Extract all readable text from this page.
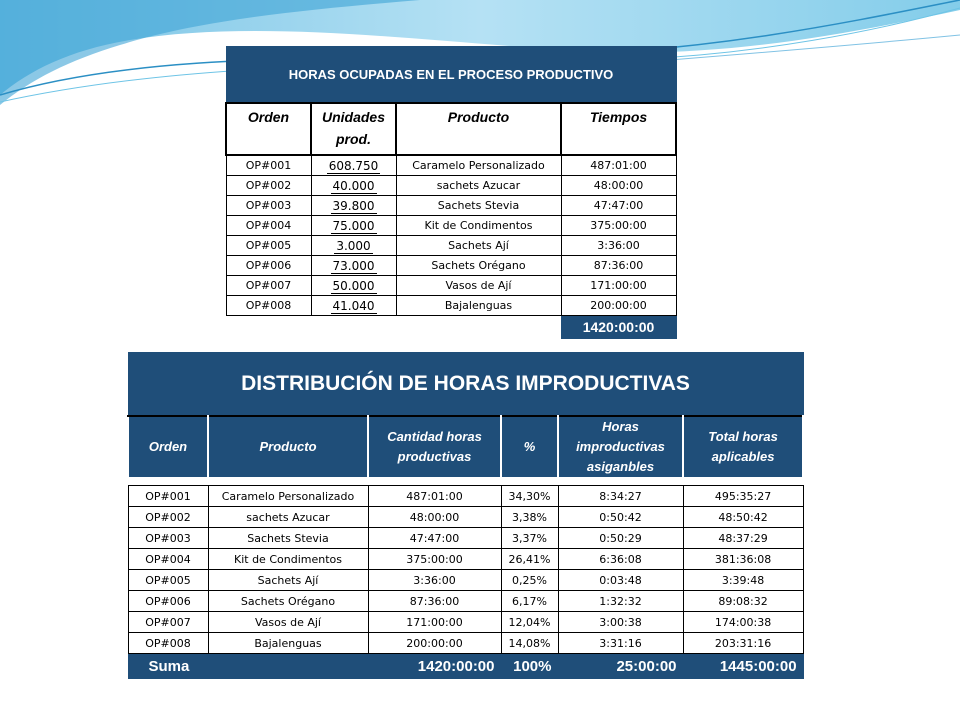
HORAS OCUPADAS EN EL PROCESO PRODUCTIVO			
Orden	Unidades prod.	Producto	Tiempos
OP#001	608.750	Caramelo Personalizado	487:01:00
OP#002	40.000	sachets Azucar	48:00:00
OP#003	39.800	Sachets Stevia	47:47:00
OP#004	75.000	Kit de Condimentos	375:00:00
OP#005	3.000	Sachets Ají	3:36:00
OP#006	73.000	Sachets Orégano	87:36:00
OP#007	50.000	Vasos de Ají	171:00:00
OP#008	41.040	Bajalenguas	200:00:00
			1420:00:00
DISTRIBUCIÓN DE HORAS IMPRODUCTIVAS					
Orden	Producto	Cantidad horas productivas	%	Horas improductivas asiganbles	Total horas aplicables

OP#001	Caramelo Personalizado	487:01:00	34,30%	8:34:27	495:35:27
OP#002	sachets Azucar	48:00:00	3,38%	0:50:42	48:50:42
OP#003	Sachets Stevia	47:47:00	3,37%	0:50:29	48:37:29
OP#004	Kit de Condimentos	375:00:00	26,41%	6:36:08	381:36:08
OP#005	Sachets Ají	3:36:00	0,25%	0:03:48	3:39:48
OP#006	Sachets Orégano	87:36:00	6,17%	1:32:32	89:08:32
OP#007	Vasos de Ají	171:00:00	12,04%	3:00:38	174:00:38
OP#008	Bajalenguas	200:00:00	14,08%	3:31:16	203:31:16
Suma		1420:00:00	100%	25:00:00	1445:00:00
